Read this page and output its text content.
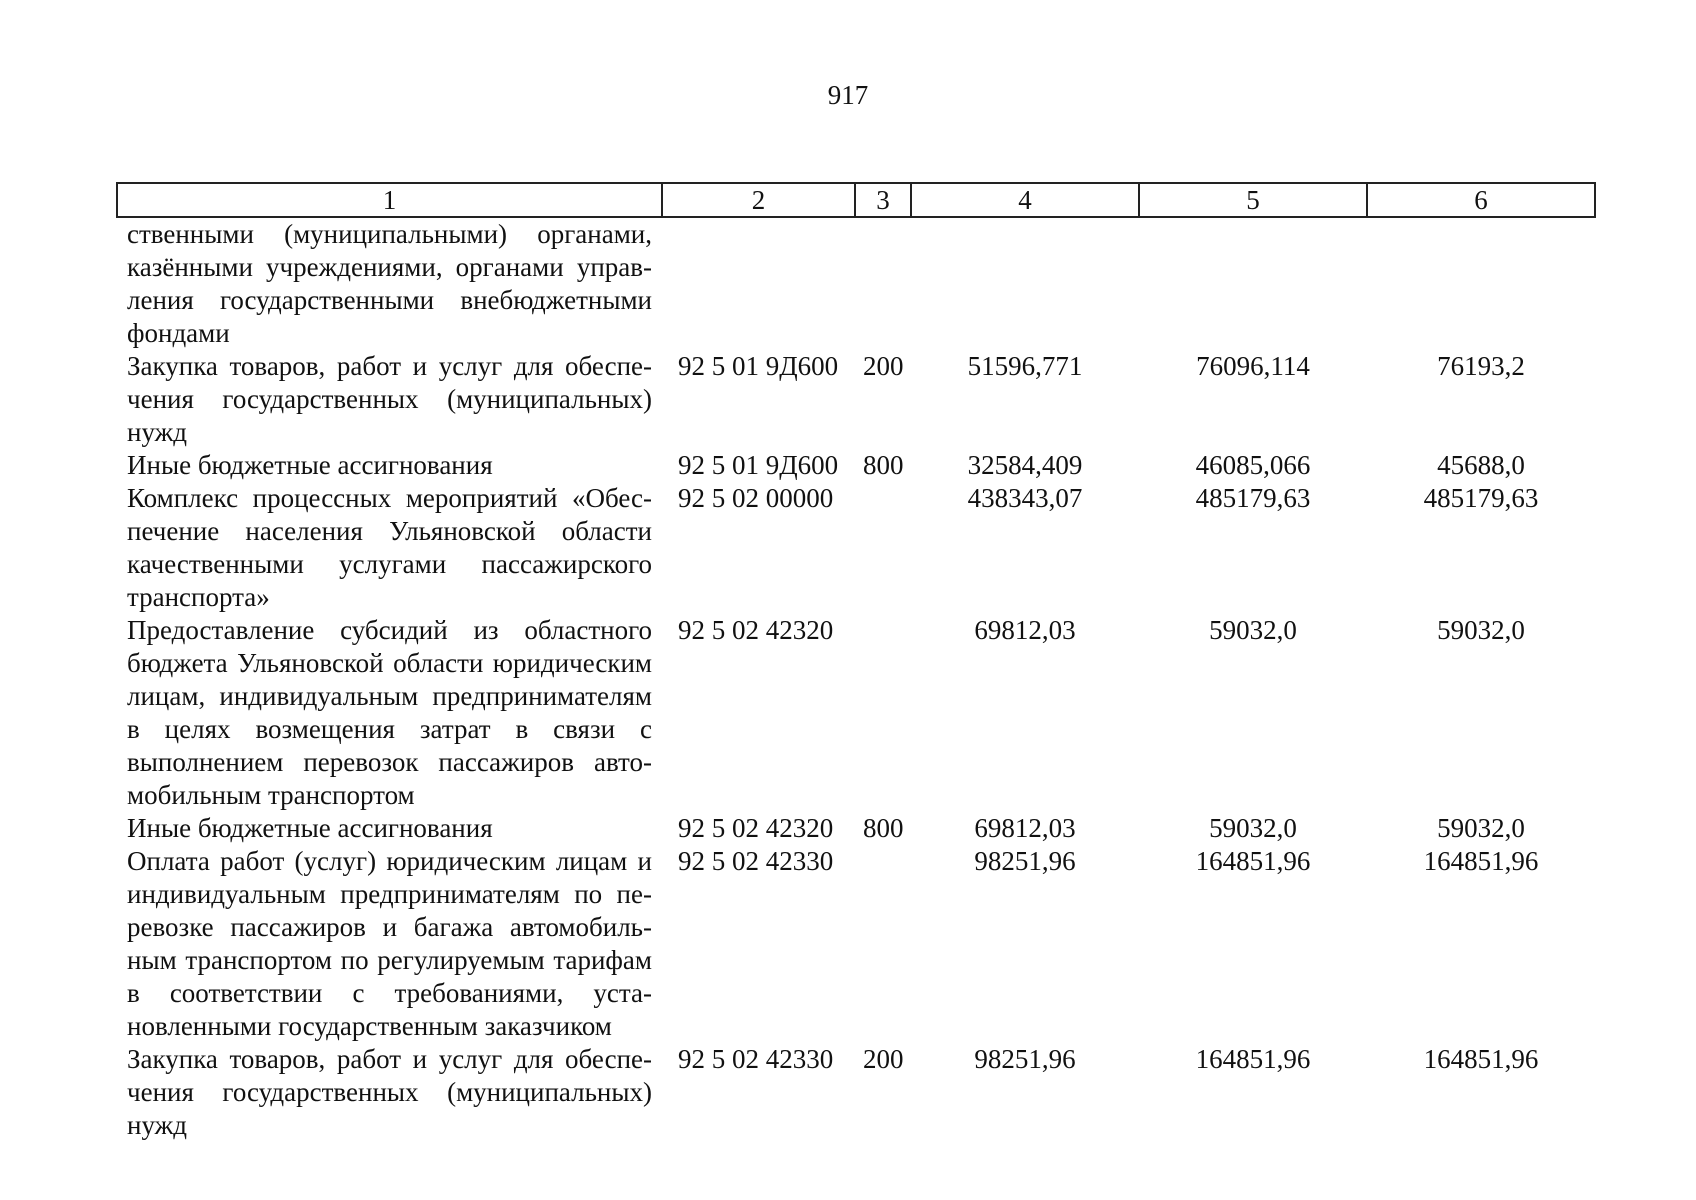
917
1	2	3	4	5	6
ственными (муниципальными) органами, казёнными учреждениями, органами управления государственными внебюджетными фондами					
Закупка товаров, работ и услуг для обеспечения государственных (муниципальных) нужд	92 5 01 9Д600	200	51596,771	76096,114	76193,2
Иные бюджетные ассигнования	92 5 01 9Д600	800	32584,409	46085,066	45688,0
Комплекс процессных мероприятий «Обеспечение населения Ульяновской области качественными услугами пассажирского транспорта»	92 5 02 00000		438343,07	485179,63	485179,63
Предоставление субсидий из областного бюджета Ульяновской области юридическим лицам, индивидуальным предпринимателям в целях возмещения затрат в связи с выполнением перевозок пассажиров автомобильным транспортом	92 5 02 42320		69812,03	59032,0	59032,0
Иные бюджетные ассигнования	92 5 02 42320	800	69812,03	59032,0	59032,0
Оплата работ (услуг) юридическим лицам и индивидуальным предпринимателям по перевозке пассажиров и багажа автомобильным транспортом по регулируемым тарифам в соответствии с требованиями, установленными государственным заказчиком	92 5 02 42330		98251,96	164851,96	164851,96
Закупка товаров, работ и услуг для обеспечения государственных (муниципальных) нужд	92 5 02 42330	200	98251,96	164851,96	164851,96
